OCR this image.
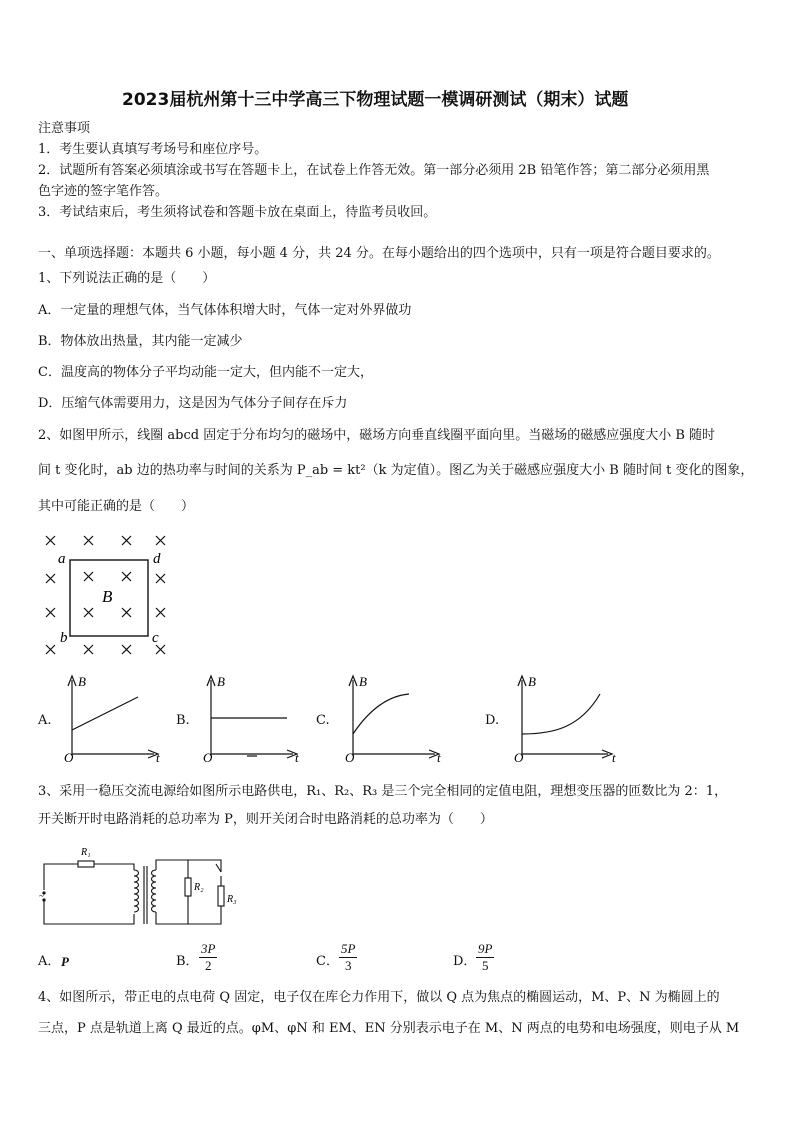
2023届杭州第十三中学高三下物理试题一模调研测试（期末）试题
注意事项
1．考生要认真填写考场号和座位序号。
2．试题所有答案必须填涂或书写在答题卡上，在试卷上作答无效。第一部分必须用 2B 铅笔作答；第二部分必须用黑
色字迹的签字笔作答。
3．考试结束后，考生须将试卷和答题卡放在桌面上，待监考员收回。
一、单项选择题：本题共 6 小题，每小题 4 分，共 24 分。在每小题给出的四个选项中，只有一项是符合题目要求的。
1、下列说法正确的是（　　）
A．一定量的理想气体，当气体体积增大时，气体一定对外界做功
B．物体放出热量，其内能一定减少
C．温度高的物体分子平均动能一定大，但内能不一定大，
D．压缩气体需要用力，这是因为气体分子间存在斥力
2、如图甲所示，线圈 abcd 固定于分布均匀的磁场中，磁场方向垂直线圈平面向里。当磁场的磁感应强度大小 B 随时
间 t 变化时，ab 边的热功率与时间的关系为 P_ab = kt²（k 为定值）。图乙为关于磁感应强度大小 B 随时间 t 变化的图象，
其中可能正确的是（　　）
a	d
b	c
B
A.
B
O	t
B.
B
O	t
C.
B
O	t
D.
B
O	t
3、采用一稳压交流电源给如图所示电路供电，R₁、R₂、R₃ 是三个完全相同的定值电阻，理想变压器的匝数比为 2：1，
开关断开时电路消耗的总功率为 P，则开关闭合时电路消耗的总功率为（　　）
~
R₁
R₂
R₃
A． P	B． $\frac{3P}{2}$	C． $\frac{5P}{3}$	D． $\frac{9P}{5}$
4、如图所示，带正电的点电荷 Q 固定，电子仅在库仑力作用下，做以 Q 点为焦点的椭圆运动，M、P、N 为椭圆上的
三点，P 点是轨道上离 Q 最近的点。φM、φN 和 EM、EN 分别表示电子在 M、N 两点的电势和电场强度，则电子从 M
